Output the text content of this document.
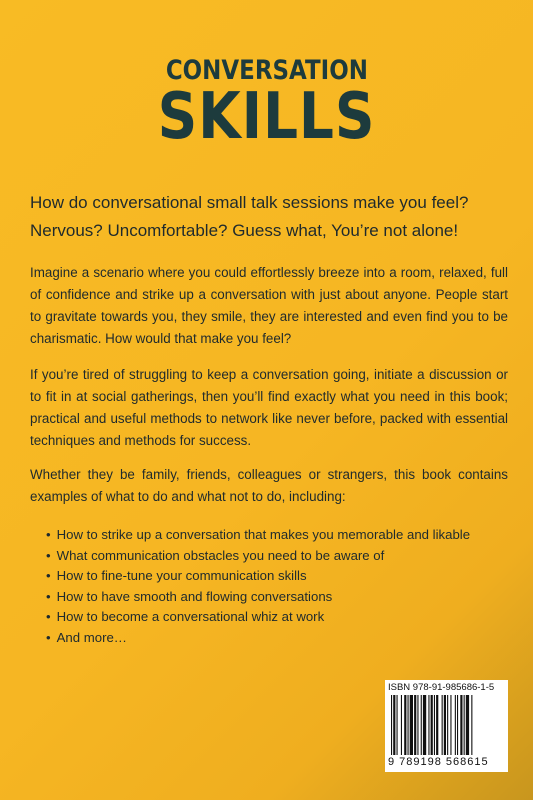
CONVERSATION
SKILLS

How do conversational small talk sessions make you feel? Nervous? Uncomfortable? Guess what, You’re not alone!

Imagine a scenario where you could effortlessly breeze into a room, relaxed, full of confidence and strike up a conversation with just about anyone. People start to gravitate towards you, they smile, they are interested and even find you to be charismatic. How would that make you feel?

If you’re tired of struggling to keep a conversation going, initiate a discussion or to fit in at social gatherings, then you’ll find exactly what you need in this book; practical and useful methods to network like never before, packed with essential techniques and methods for success.

Whether they be family, friends, colleagues or strangers, this book contains examples of what to do and what not to do, including:

• How to strike up a conversation that makes you memorable and likable
• What communication obstacles you need to be aware of
• How to fine-tune your communication skills
• How to have smooth and flowing conversations
• How to become a conversational whiz at work
• And more…
ISBN 978-91-985686-1-5
9 789198 568615
